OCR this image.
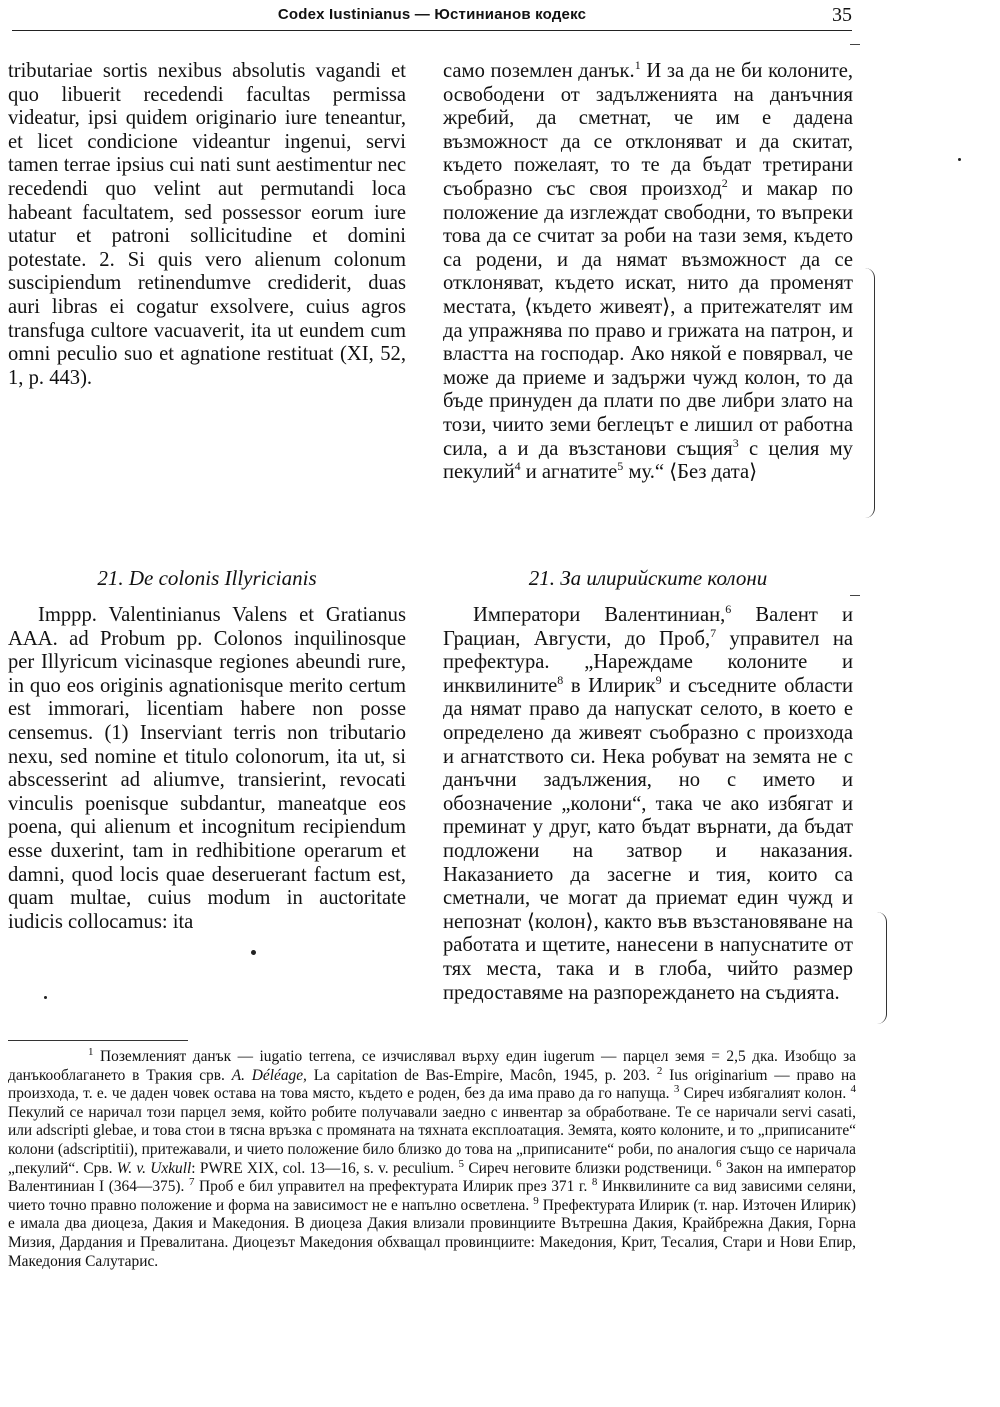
Codex Iustinianus — Юстинианов кодекс	35

tributariae sortis nexibus absolutis vagandi et quo libuerit recedendi facultas permissa videatur, ipsi quidem originario iure teneantur, et licet condicione videantur ingenui, servi tamen terrae ipsius cui nati sunt aestimentur nec recedendi quo velint aut permutandi loca habeant facultatem, sed possessor eorum iure utatur et patroni sollicitudine et domini potestate. 2. Si quis vero alienum colonum suscipiendum retinendumve crediderit, duas auri libras ei cogatur exsolvere, cuius agros transfuga cultore vacuaverit, ita ut eundem cum omni peculio suo et agnatione restituat (XI, 52, 1, p. 443).

само поземлен данък.$^1$ И за да не би колоните, освободени от задълженията на данъчния жребий, да сметнат, че им е дадена възможност да се отклоняват и да скитат, където пожелаят, то те да бъдат третирани съобразно със своя произход$^2$ и макар по положение да изглеждат свободни, то въпреки това да се считат за роби на тази земя, където са родени, и да нямат възможност да се отклоняват, където искат, нито да променят местата, ⟨където живеят⟩, а притежателят им да упражнява по право и грижата на патрон, и властта на господар. Ако някой е повярвал, че може да приеме и задържи чужд колон, то да бъде принуден да плати по две либри злато на този, чиито земи беглецът е лишил от работна сила, а и да възстанови същия$^3$ с целия му пекулий$^4$ и агнатите$^5$ му.“ ⟨Без дата⟩

21. De colonis Illyricianis	21. За илирийските колони

Imppp. Valentinianus Valens et Gratianus AAA. ad Probum pp. Colonos inquilinosque per Illyricum vicinasque regiones abeundi rure, in quo eos originis agnationisque merito certum est immorari, licentiam habere non posse censemus. (1) Inserviant terris non tributario nexu, sed nomine et titulo colonorum, ita ut, si abscesserint ad aliumve, transierint, revocati vinculis poenisque subdantur, maneatque eos poena, qui alienum et incognitum recipiendum esse duxerint, tam in redhibitione operarum et damni, quod locis quae deseruerant factum est, quam multae, cuius modum in auctoritate iudicis collocamus: ita

Императори Валентиниан,$^6$ Валент и Грациан, Августи, до Проб,$^7$ управител на префектура. „Нареждаме колоните и инквилините$^8$ в Илирик$^9$ и съседните области да нямат право да напускат селото, в което е определено да живеят съобразно с произхода и агнатството си. Нека робуват на земята не с данъчни задължения, но с името и обозначение „колони“, така че ако избягат и преминат у друг, като бъдат върнати, да бъдат подложени на затвор и наказания. Наказанието да засегне и тия, които са сметнали, че могат да приемат един чужд и непознат ⟨колон⟩, както във възстановяване на работата и щетите, нанесени в напуснатите от тях места, така и в глоба, чийто размер предоставяме на разпореждането на съдията.

$^1$ Поземленият данък — iugatio terrena, се изчислявал върху един iugerum — парцел земя = 2,5 дка. Изобщо за данъкооблагането в Тракия срв. A. Déléage, La capitation de Bas-Empire, Macôn, 1945, p. 203. $^2$ Ius originarium — право на произхода, т. е. че даден човек остава на това място, където е роден, без да има право да го напуща. $^3$ Сиреч избягалият колон. $^4$ Пекулий се наричал този парцел земя, който робите получавали заедно с инвентар за обработване. Те се наричали servi casati, или adscripti glebae, и това стои в тясна връзка с промяната на тяхната експлоатация. Земята, която колоните, и то „приписаните“ колони (adscriptitii), притежавали, и чието положение било близко до това на „приписаните“ роби, по аналогия също се наричала „пекулий“. Срв. W. v. Uxkull: PWRE XIX, col. 13—16, s. v. peculium. $^5$ Сиреч неговите близки родственици. $^6$ Закон на император Валентиниан I (364—375). $^7$ Проб е бил управител на префектурата Илирик през 371 г. $^8$ Инквилините са вид зависими селяни, чието точно правно положение и форма на зависимост не е напълно осветлена. $^9$ Префектурата Илирик (т. нар. Източен Илирик) е имала два диоцеза, Дакия и Македония. В диоцеза Дакия влизали провинциите Вътрешна Дакия, Крайбрежна Дакия, Горна Мизия, Дардания и Превалитана. Диоцезът Македония обхващал провинциите: Македония, Крит, Тесалия, Стари и Нови Епир, Македония Салутарис.
